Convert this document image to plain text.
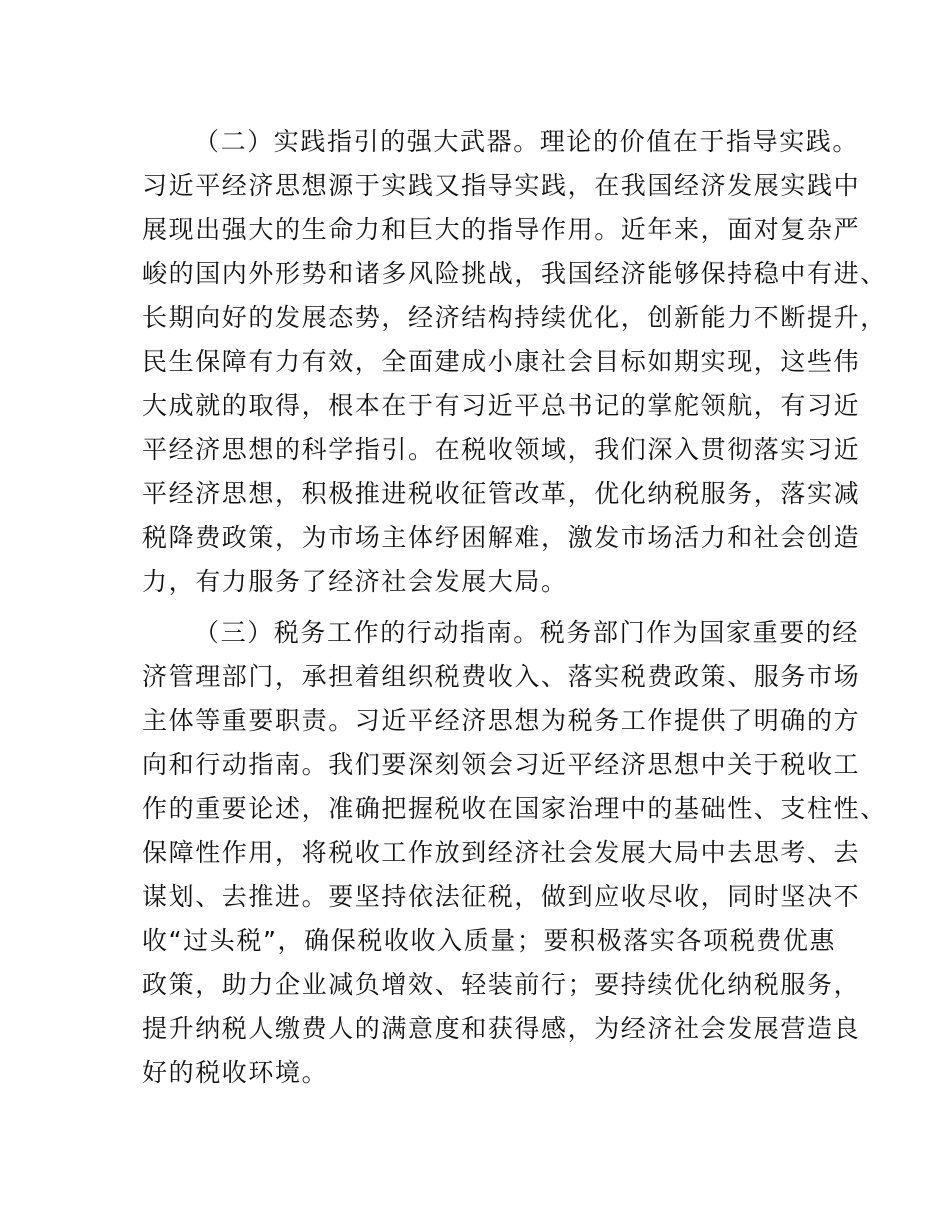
（二）实践指引的强大武器。理论的价值在于指导实践。
习近平经济思想源于实践又指导实践，在我国经济发展实践中
展现出强大的生命力和巨大的指导作用。近年来，面对复杂严
峻的国内外形势和诸多风险挑战，我国经济能够保持稳中有进、
长期向好的发展态势，经济结构持续优化，创新能力不断提升，
民生保障有力有效，全面建成小康社会目标如期实现，这些伟
大成就的取得，根本在于有习近平总书记的掌舵领航，有习近
平经济思想的科学指引。在税收领域，我们深入贯彻落实习近
平经济思想，积极推进税收征管改革，优化纳税服务，落实减
税降费政策，为市场主体纾困解难，激发市场活力和社会创造
力，有力服务了经济社会发展大局。
（三）税务工作的行动指南。税务部门作为国家重要的经
济管理部门，承担着组织税费收入、落实税费政策、服务市场
主体等重要职责。习近平经济思想为税务工作提供了明确的方
向和行动指南。我们要深刻领会习近平经济思想中关于税收工
作的重要论述，准确把握税收在国家治理中的基础性、支柱性、
保障性作用，将税收工作放到经济社会发展大局中去思考、去
谋划、去推进。要坚持依法征税，做到应收尽收，同时坚决不
收“过头税”，确保税收收入质量；要积极落实各项税费优惠
政策，助力企业减负增效、轻装前行；要持续优化纳税服务，
提升纳税人缴费人的满意度和获得感，为经济社会发展营造良
好的税收环境。
